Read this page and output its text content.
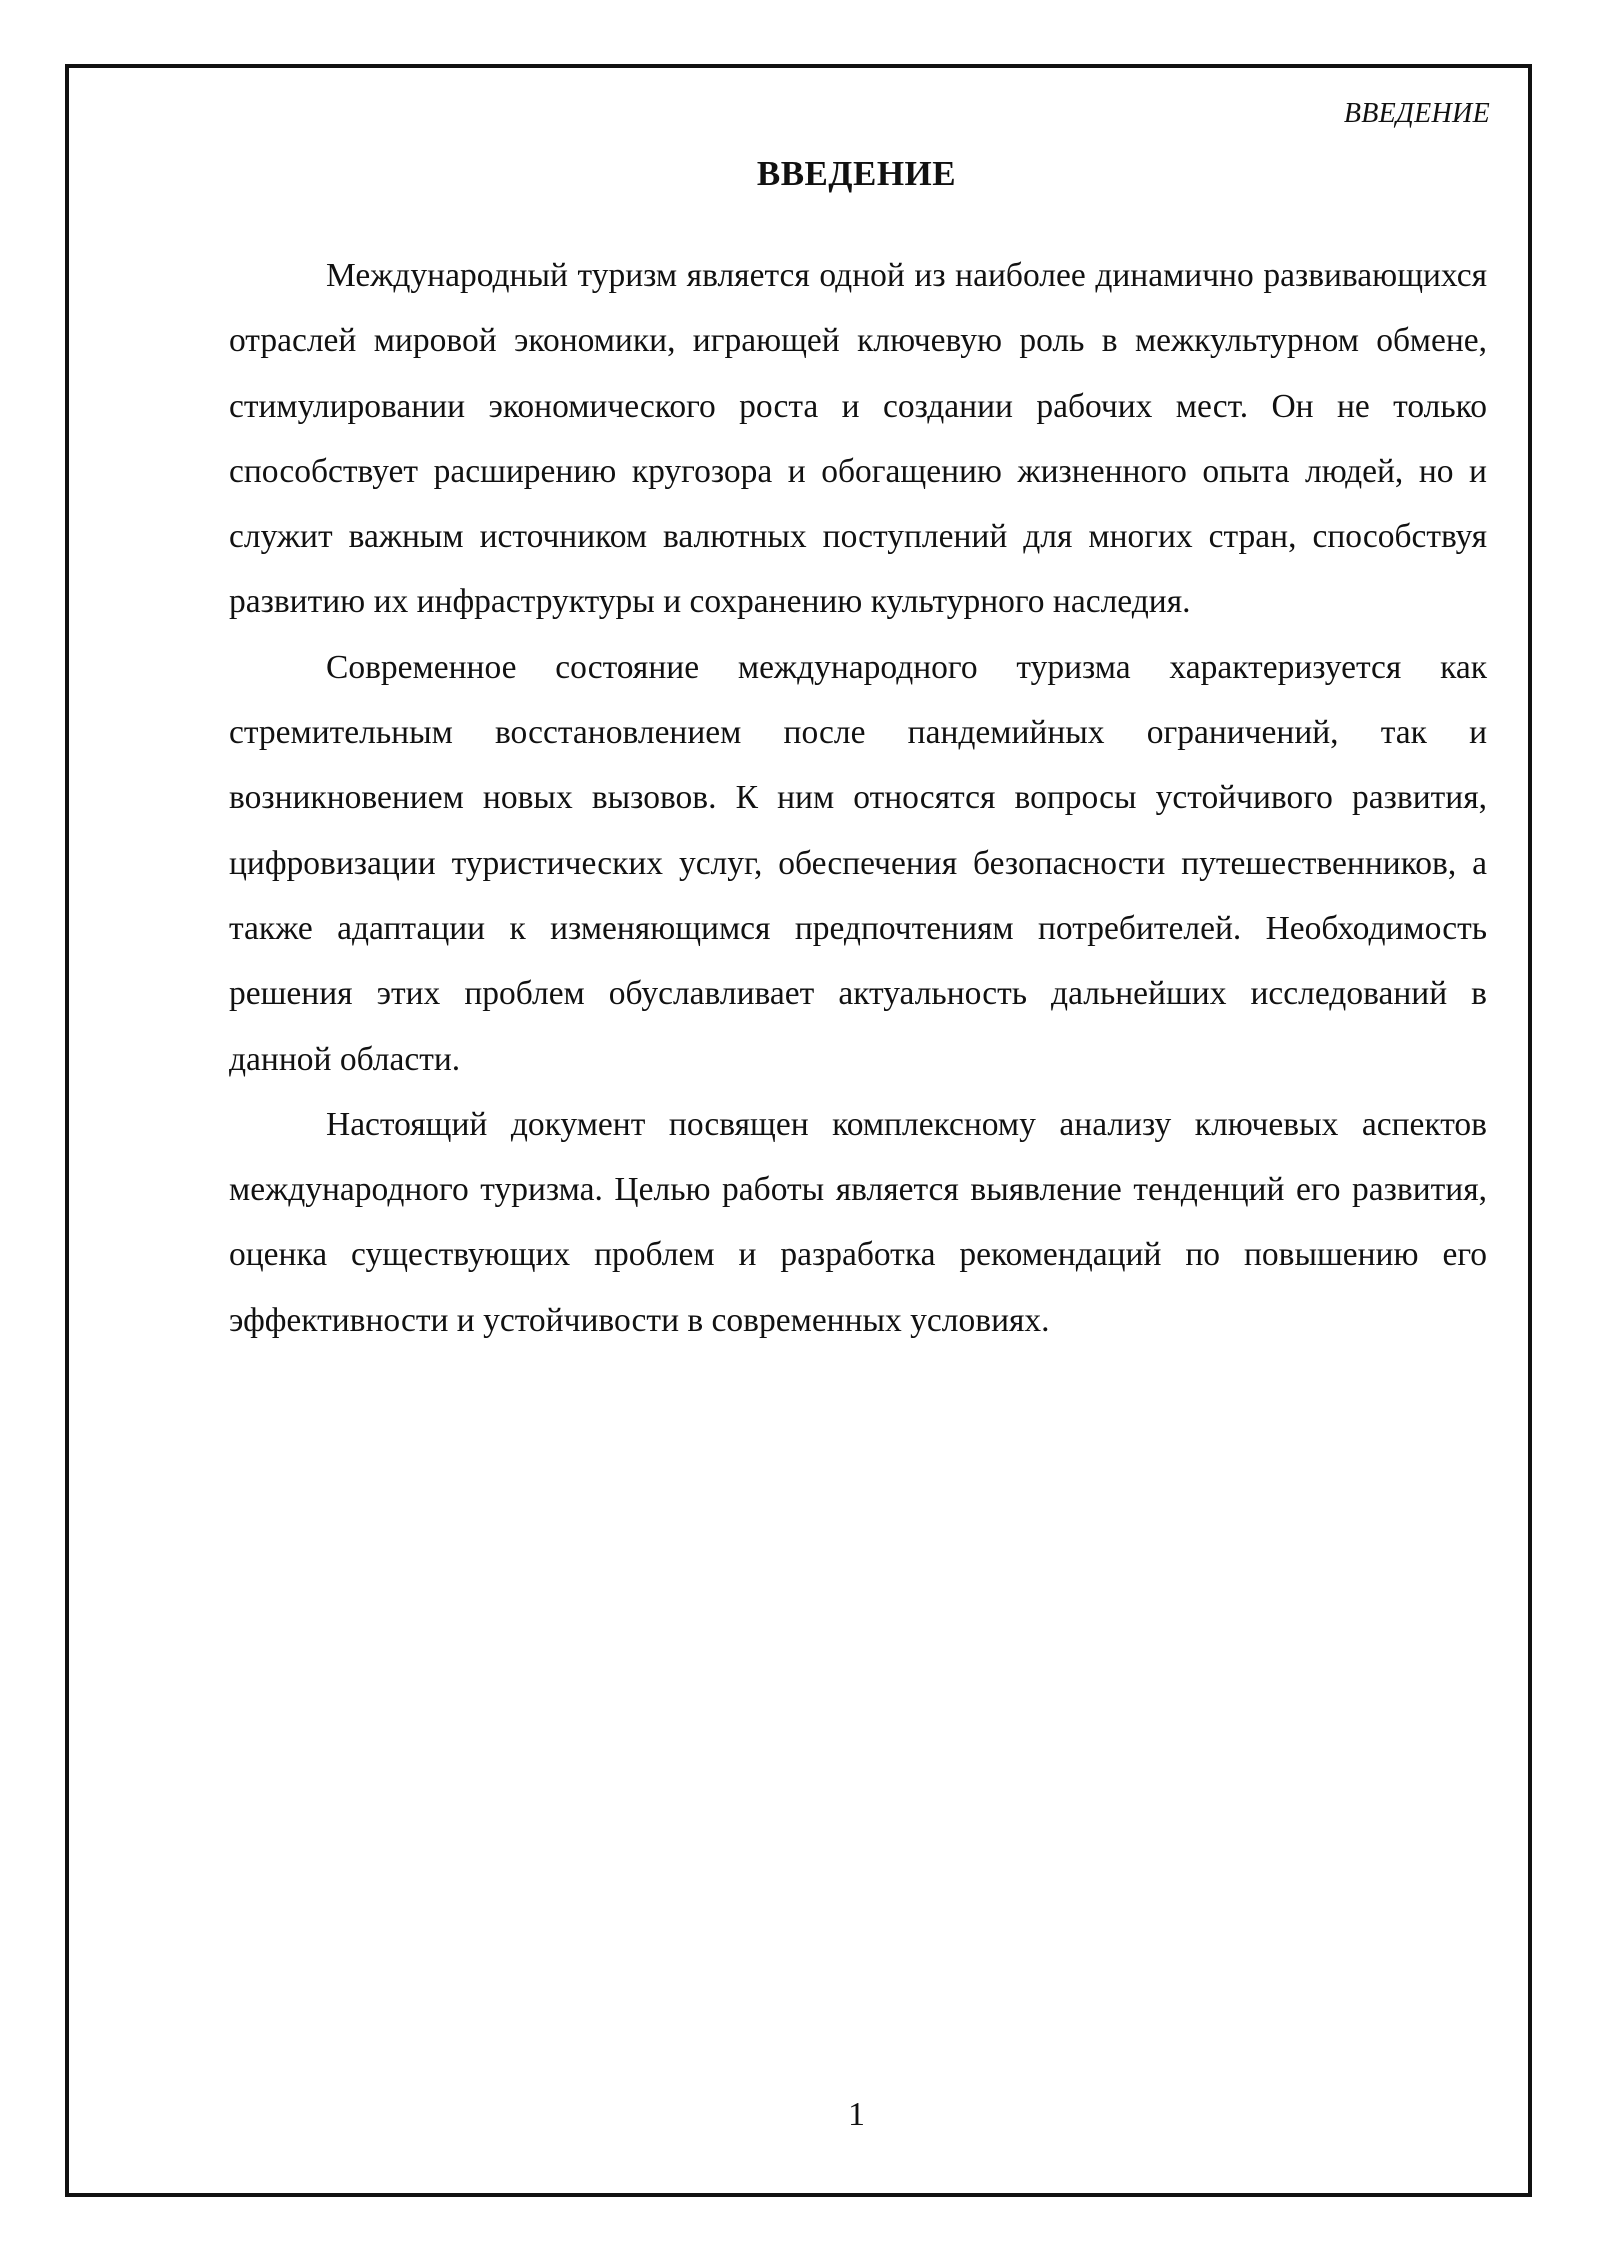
ВВЕДЕНИЕ
ВВЕДЕНИЕ

Международный туризм является одной из наиболее динамично развивающихся отраслей мировой экономики, играющей ключевую роль в межкультурном обмене, стимулировании экономического роста и создании рабочих мест. Он не только способствует расширению кругозора и обогащению жизненного опыта людей, но и служит важным источником валютных поступлений для многих стран, способствуя развитию их инфраструктуры и сохранению культурного наследия.

Современное состояние международного туризма характеризуется как стремительным восстановлением после пандемийных ограничений, так и возникновением новых вызовов. К ним относятся вопросы устойчивого развития, цифровизации туристических услуг, обеспечения безопасности путешественников, а также адаптации к изменяющимся предпочтениям потребителей. Необходимость решения этих проблем обуславливает актуальность дальнейших исследований в данной области.

Настоящий документ посвящен комплексному анализу ключевых аспектов международного туризма. Целью работы является выявление тенденций его развития, оценка существующих проблем и разработка рекомендаций по повышению его эффективности и устойчивости в современных условиях.

1
